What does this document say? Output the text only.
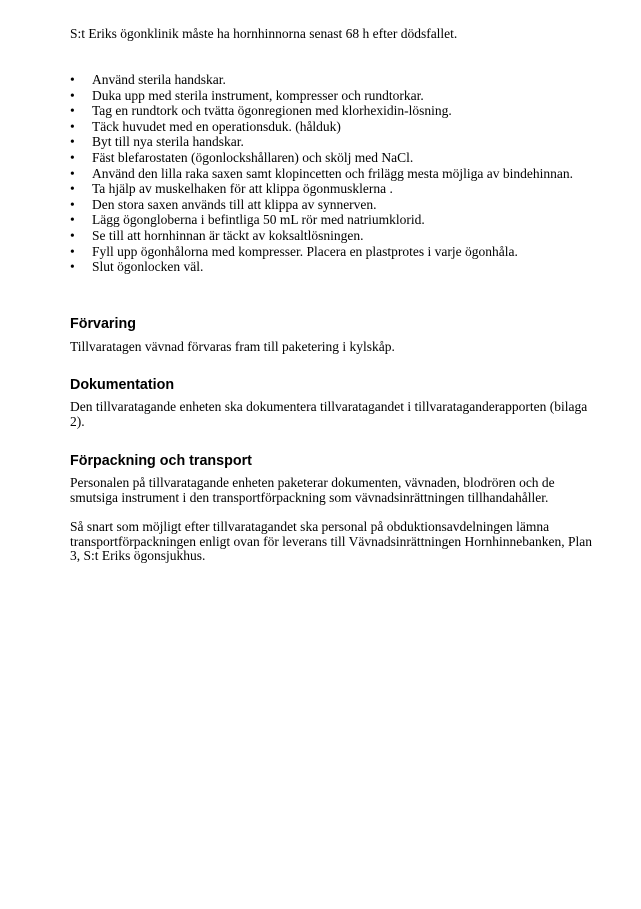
S:t Eriks ögonklinik måste ha hornhinnorna senast 68 h efter dödsfallet.

• Använd sterila handskar.
• Duka upp med sterila instrument, kompresser och rundtorkar.
• Tag en rundtork och tvätta ögonregionen med klorhexidin-lösning.
• Täck huvudet med en operationsduk. (hålduk)
• Byt till nya sterila handskar.
• Fäst blefarostaten (ögonlockshållaren) och skölj med NaCl.
• Använd den lilla raka saxen samt klopincetten och frilägg mesta möjliga av bindehinnan.
• Ta hjälp av muskelhaken för att klippa ögonmusklerna .
• Den stora saxen används till att klippa av synnerven.
• Lägg ögongloberna i befintliga 50 mL rör med natriumklorid.
• Se till att hornhinnan är täckt av koksaltlösningen.
• Fyll upp ögonhålorna med kompresser. Placera en plastprotes i varje ögonhåla.
• Slut ögonlocken väl.
Förvaring

Tillvaratagen vävnad förvaras fram till paketering i kylskåp.

Dokumentation

Den tillvaratagande enheten ska dokumentera tillvaratagandet i tillvarataganderapporten (bilaga 2).

Förpackning och transport

Personalen på tillvaratagande enheten paketerar dokumenten, vävnaden, blodrören och de smutsiga instrument i den transportförpackning som vävnadsinrättningen tillhandahåller.

Så snart som möjligt efter tillvaratagandet ska personal på obduktionsavdelningen lämna transportförpackningen enligt ovan för leverans till Vävnadsinrättningen Hornhinnebanken, Plan 3, S:t Eriks ögonsjukhus.
